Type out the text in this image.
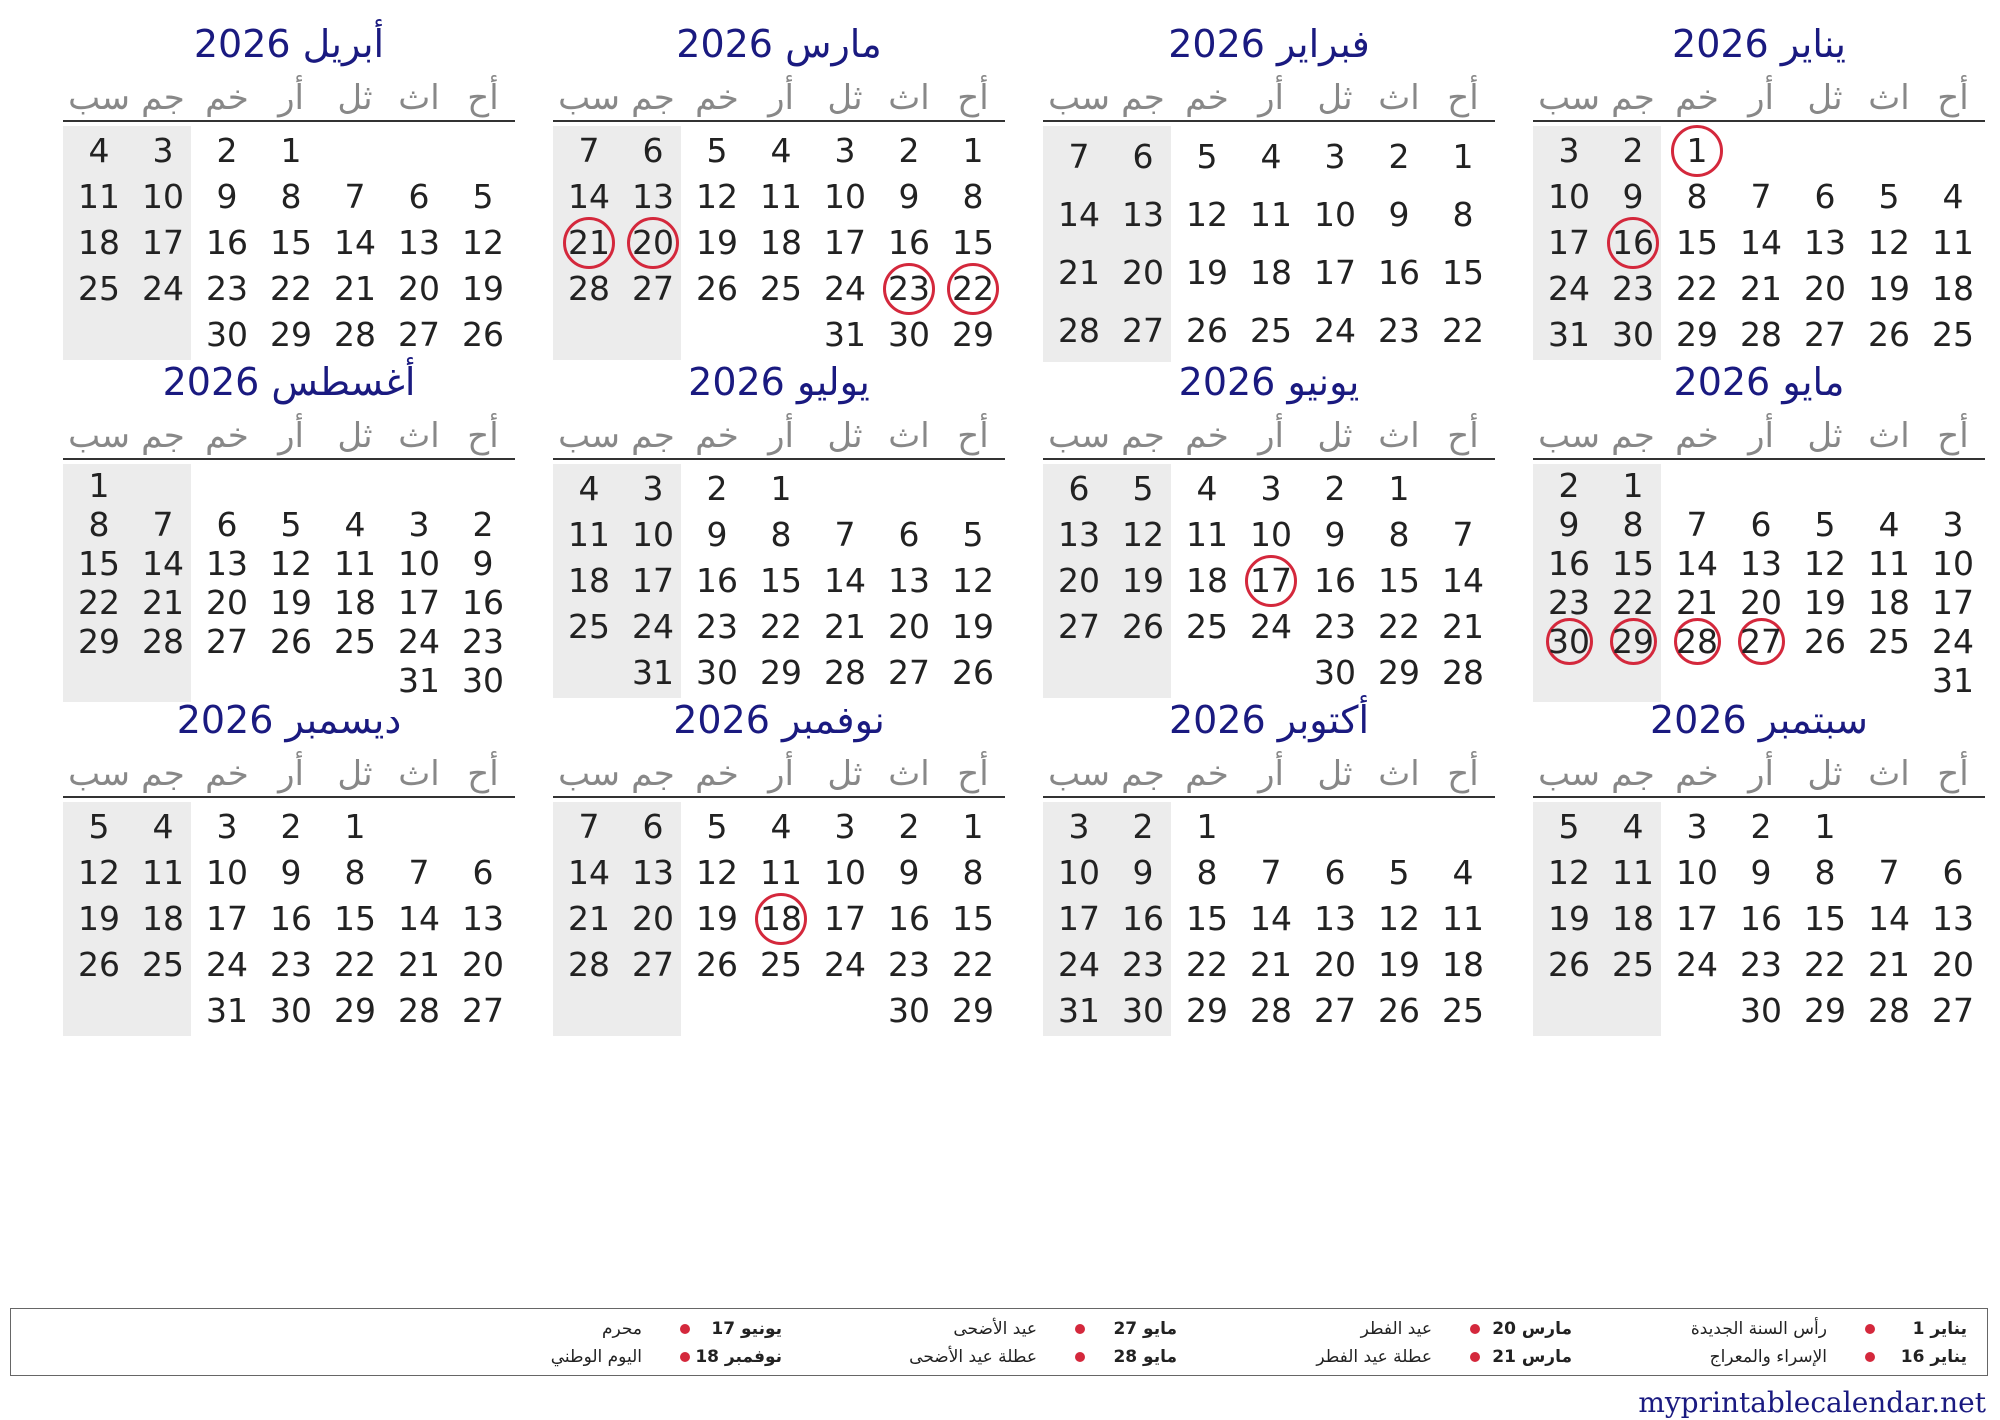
يناير 2026
أح
اث
ث‍ل
أر
خم
جم
سب
1
2
3
4
5
6
7
8
9
10
11
12
13
14
15
16
17
18
19
20
21
22
23
24
25
26
27
28
29
30
31
فبراير 2026
أح
اث
ث‍ل
أر
خم
جم
سب
1
2
3
4
5
6
7
8
9
10
11
12
13
14
15
16
17
18
19
20
21
22
23
24
25
26
27
28
مارس 2026
أح
اث
ث‍ل
أر
خم
جم
سب
1
2
3
4
5
6
7
8
9
10
11
12
13
14
15
16
17
18
19
20
21
22
23
24
25
26
27
28
29
30
31
أبريل 2026
أح
اث
ث‍ل
أر
خم
جم
سب
1
2
3
4
5
6
7
8
9
10
11
12
13
14
15
16
17
18
19
20
21
22
23
24
25
26
27
28
29
30
مايو 2026
أح
اث
ث‍ل
أر
خم
جم
سب
1
2
3
4
5
6
7
8
9
10
11
12
13
14
15
16
17
18
19
20
21
22
23
24
25
26
27
28
29
30
31
يونيو 2026
أح
اث
ث‍ل
أر
خم
جم
سب
1
2
3
4
5
6
7
8
9
10
11
12
13
14
15
16
17
18
19
20
21
22
23
24
25
26
27
28
29
30
يوليو 2026
أح
اث
ث‍ل
أر
خم
جم
سب
1
2
3
4
5
6
7
8
9
10
11
12
13
14
15
16
17
18
19
20
21
22
23
24
25
26
27
28
29
30
31
أغسطس 2026
أح
اث
ث‍ل
أر
خم
جم
سب
1
2
3
4
5
6
7
8
9
10
11
12
13
14
15
16
17
18
19
20
21
22
23
24
25
26
27
28
29
30
31
سبتمبر 2026
أح
اث
ث‍ل
أر
خم
جم
سب
1
2
3
4
5
6
7
8
9
10
11
12
13
14
15
16
17
18
19
20
21
22
23
24
25
26
27
28
29
30
أكتوبر 2026
أح
اث
ث‍ل
أر
خم
جم
سب
1
2
3
4
5
6
7
8
9
10
11
12
13
14
15
16
17
18
19
20
21
22
23
24
25
26
27
28
29
30
31
نوفمبر 2026
أح
اث
ث‍ل
أر
خم
جم
سب
1
2
3
4
5
6
7
8
9
10
11
12
13
14
15
16
17
18
19
20
21
22
23
24
25
26
27
28
29
30
ديسمبر 2026
أح
اث
ث‍ل
أر
خم
جم
سب
1
2
3
4
5
6
7
8
9
10
11
12
13
14
15
16
17
18
19
20
21
22
23
24
25
26
27
28
29
30
31
يناير 1
رأس السنة الجديدة
يناير 16
الإسراء والمعراج
مارس 20
عيد الفطر
مارس 21
عطلة عيد الفطر
مايو 27
عيد الأضحى
مايو 28
عطلة عيد الأضحى
يونيو 17
محرم
نوفمبر 18
اليوم الوطني
myprintablecalendar.net
